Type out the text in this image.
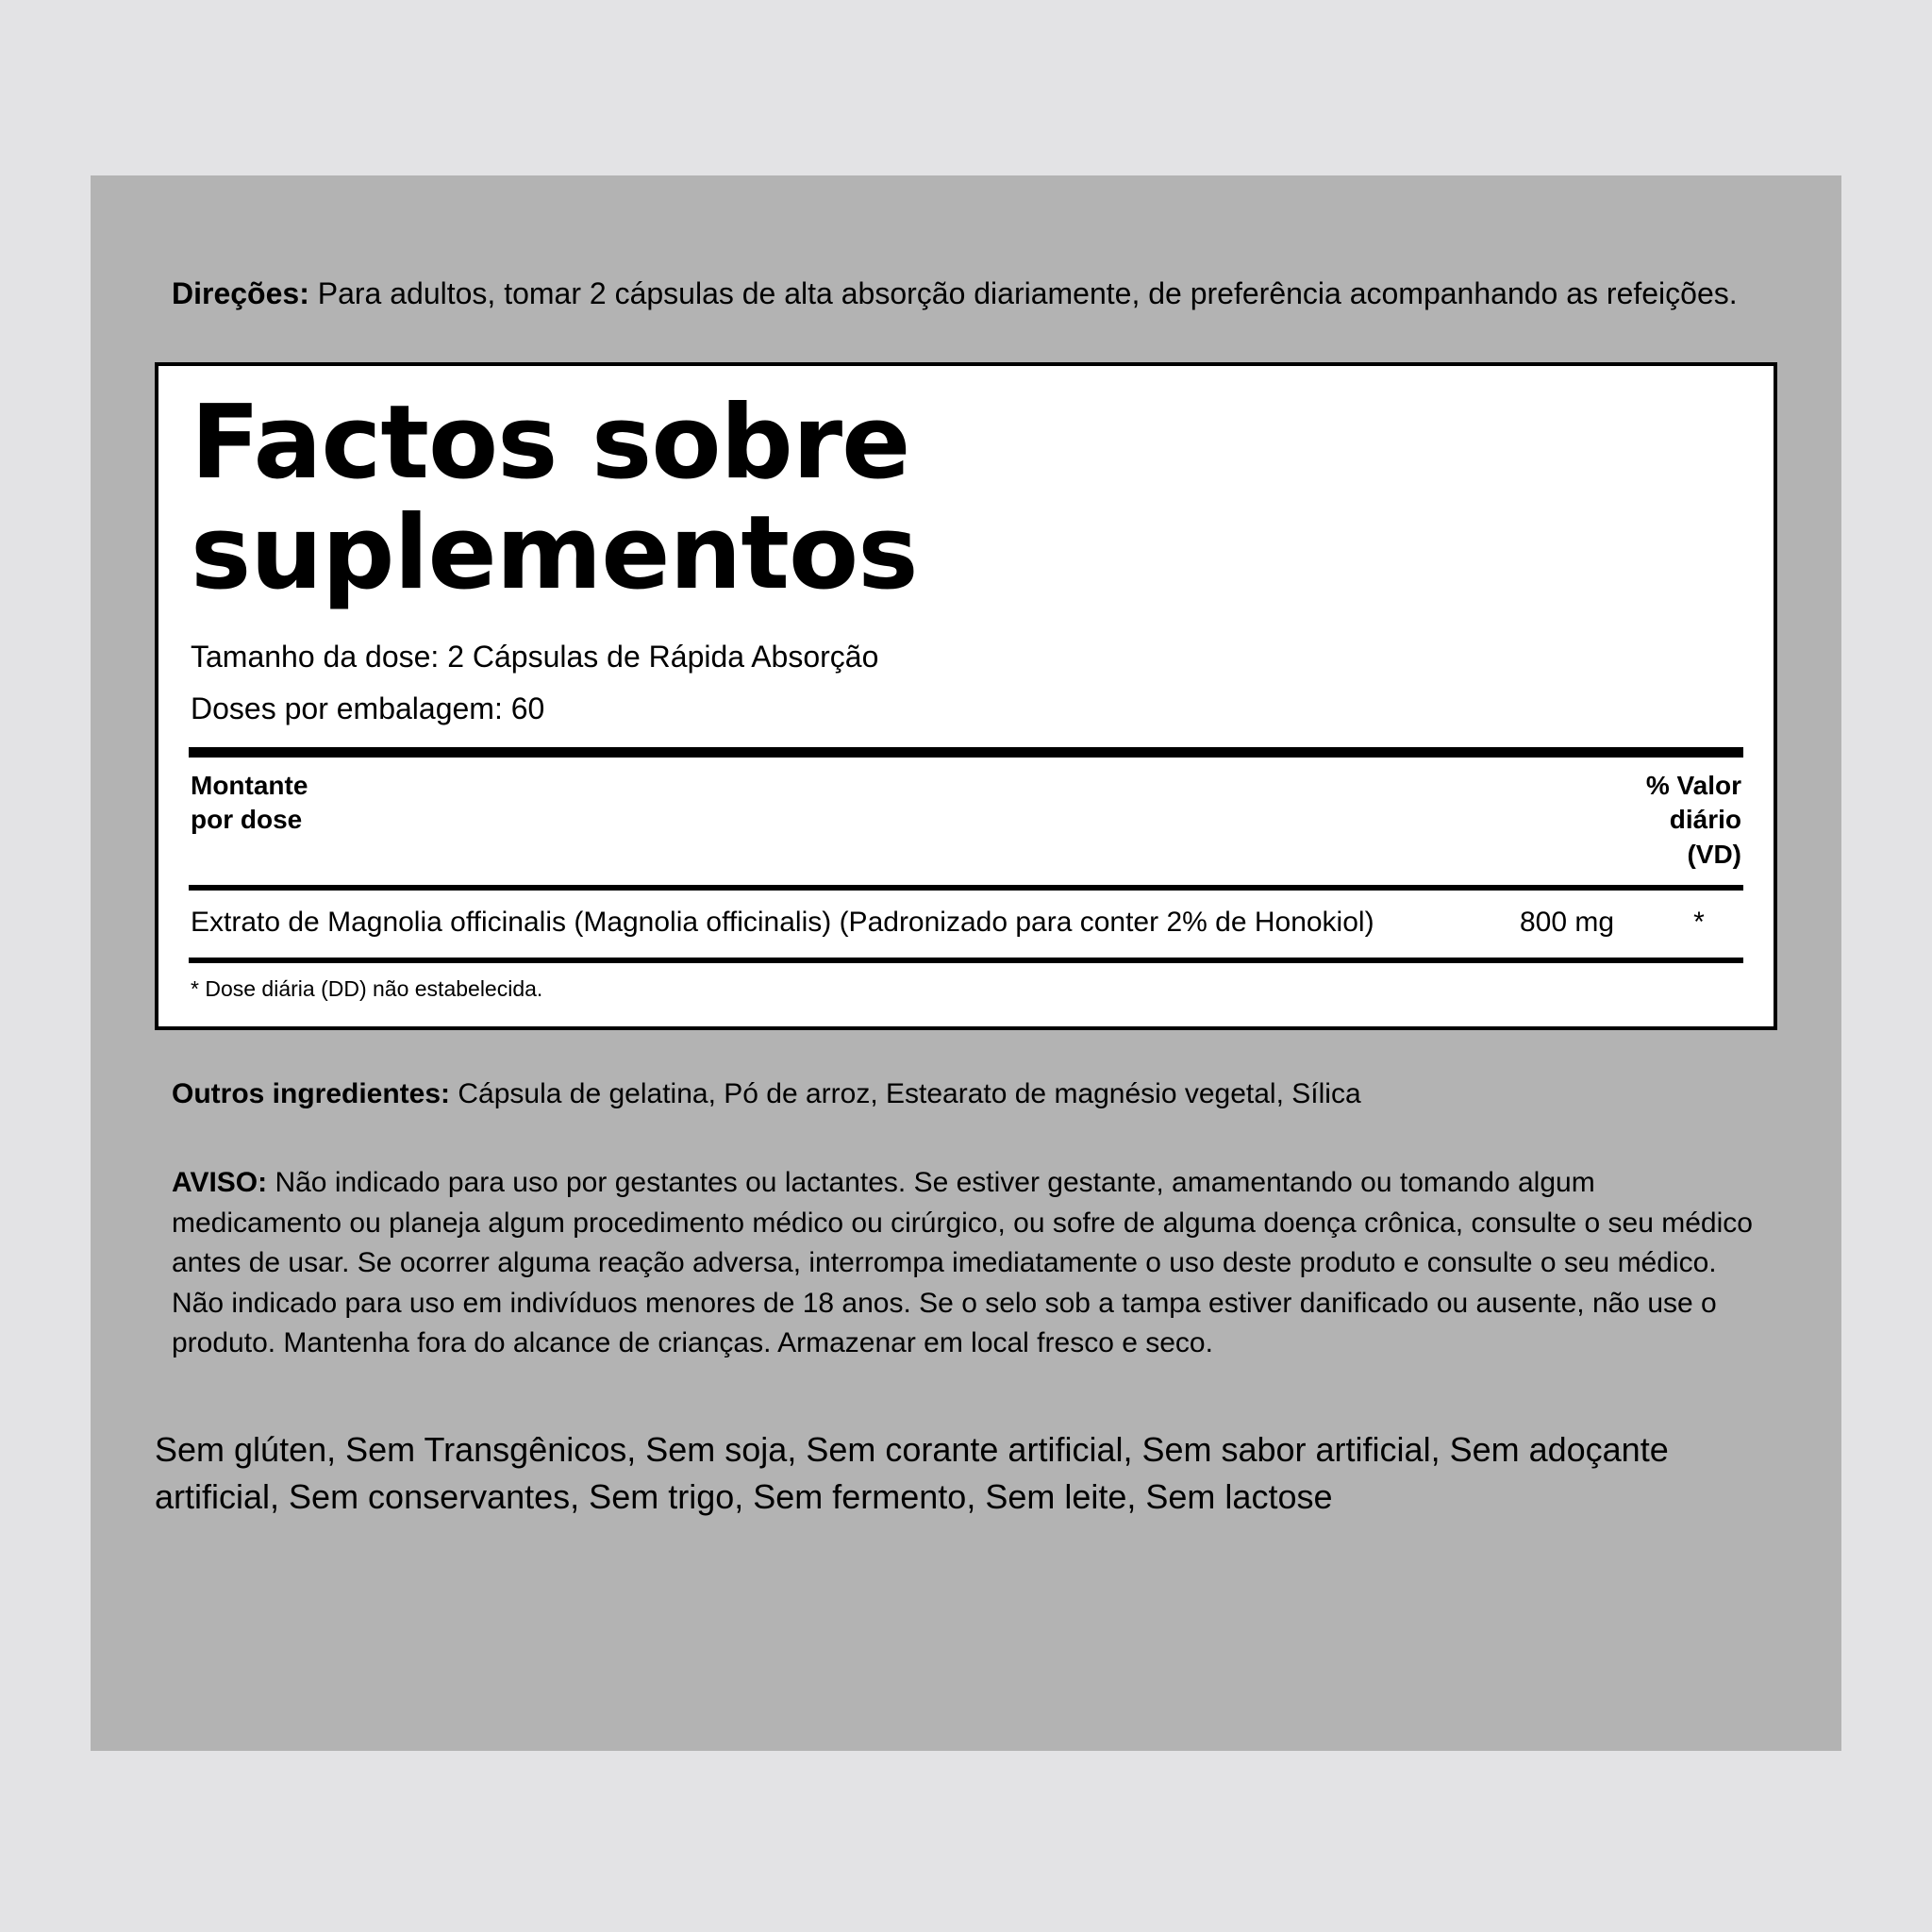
Direções: Para adultos, tomar 2 cápsulas de alta absorção diariamente, de preferência acompanhando as refeições.

Factos sobre suplementos
Tamanho da dose: 2 Cápsulas de Rápida Absorção
Doses por embalagem: 60
Montante
por dose
% Valor
diário
(VD)
Extrato de Magnolia officinalis (Magnolia officinalis) (Padronizado para conter 2% de Honokiol)	800 mg	*
* Dose diária (DD) não estabelecida.

Outros ingredientes: Cápsula de gelatina, Pó de arroz, Estearato de magnésio vegetal, Sílica

AVISO: Não indicado para uso por gestantes ou lactantes. Se estiver gestante, amamentando ou tomando algum medicamento ou planeja algum procedimento médico ou cirúrgico, ou sofre de alguma doença crônica, consulte o seu médico antes de usar. Se ocorrer alguma reação adversa, interrompa imediatamente o uso deste produto e consulte o seu médico. Não indicado para uso em indivíduos menores de 18 anos. Se o selo sob a tampa estiver danificado ou ausente, não use o produto. Mantenha fora do alcance de crianças. Armazenar em local fresco e seco.

Sem glúten, Sem Transgênicos, Sem soja, Sem corante artificial, Sem sabor artificial, Sem adoçante artificial, Sem conservantes, Sem trigo, Sem fermento, Sem leite, Sem lactose
